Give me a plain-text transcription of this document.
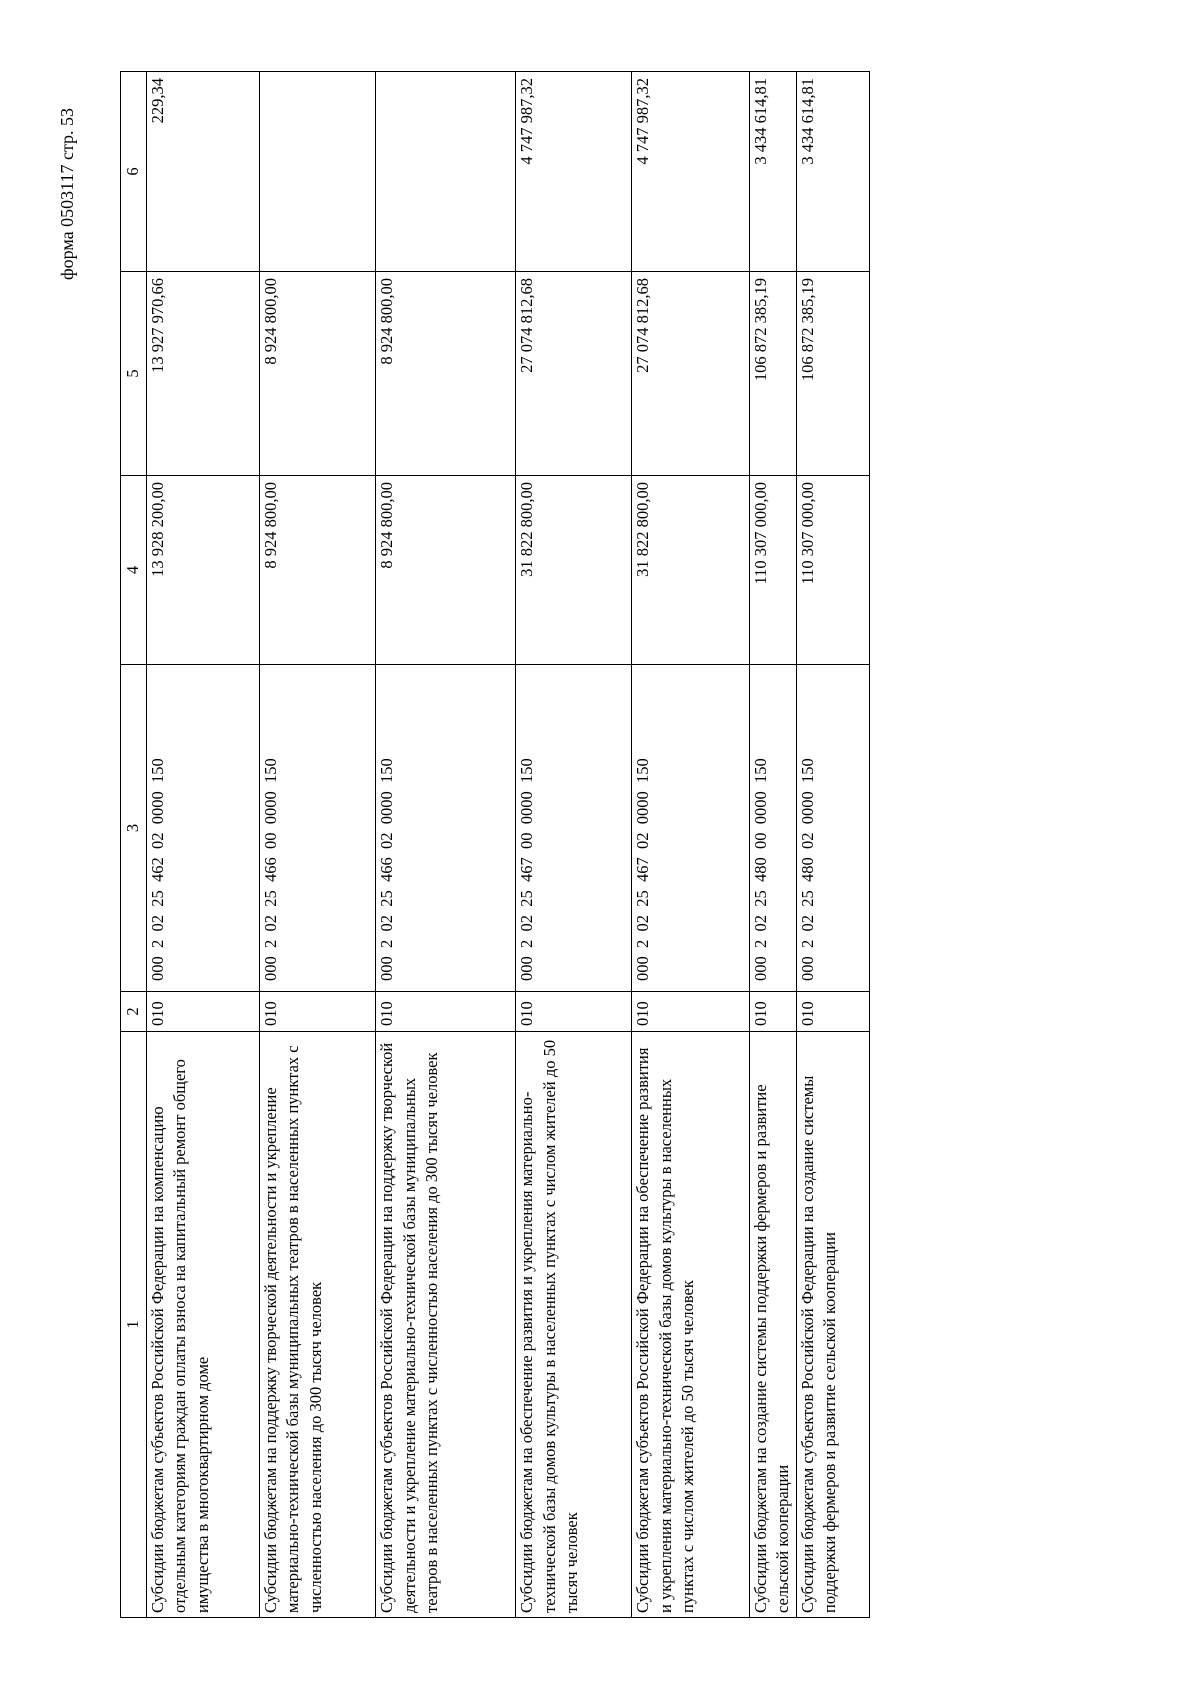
форма 0503117 стр. 53
1	2	3	4	5	6
Субсидии бюджетам субъектов Российской Федерации на компенсацию отдельным категориям граждан оплаты взноса на капитальный ремонт общего имущества в многоквартирном доме	010	000  2  02  25  462  02  0000  150	13 928 200,00	13 927 970,66	229,34
Субсидии бюджетам на поддержку творческой деятельности и укрепление материально-технической базы муниципальных театров в населенных пунктах с численностью населения до 300 тысяч человек	010	000  2  02  25  466  00  0000  150	8 924 800,00	8 924 800,00	
Субсидии бюджетам субъектов Российской Федерации на поддержку творческой деятельности и укрепление материально-технической базы муниципальных театров в населенных пунктах с численностью населения до 300 тысяч человек	010	000  2  02  25  466  02  0000  150	8 924 800,00	8 924 800,00	
Субсидии бюджетам на обеспечение развития и укрепления материально-технической базы домов культуры в населенных пунктах с числом жителей до 50 тысяч человек	010	000  2  02  25  467  00  0000  150	31 822 800,00	27 074 812,68	4 747 987,32
Субсидии бюджетам субъектов Российской Федерации на обеспечение развития и укрепления материально-технической базы домов культуры в населенных пунктах с числом жителей до 50 тысяч человек	010	000  2  02  25  467  02  0000  150	31 822 800,00	27 074 812,68	4 747 987,32
Субсидии бюджетам на создание системы поддержки фермеров и развитие сельской кооперации	010	000  2  02  25  480  00  0000  150	110 307 000,00	106 872 385,19	3 434 614,81
Субсидии бюджетам субъектов Российской Федерации на создание системы поддержки фермеров и развитие сельской кооперации	010	000  2  02  25  480  02  0000  150	110 307 000,00	106 872 385,19	3 434 614,81
